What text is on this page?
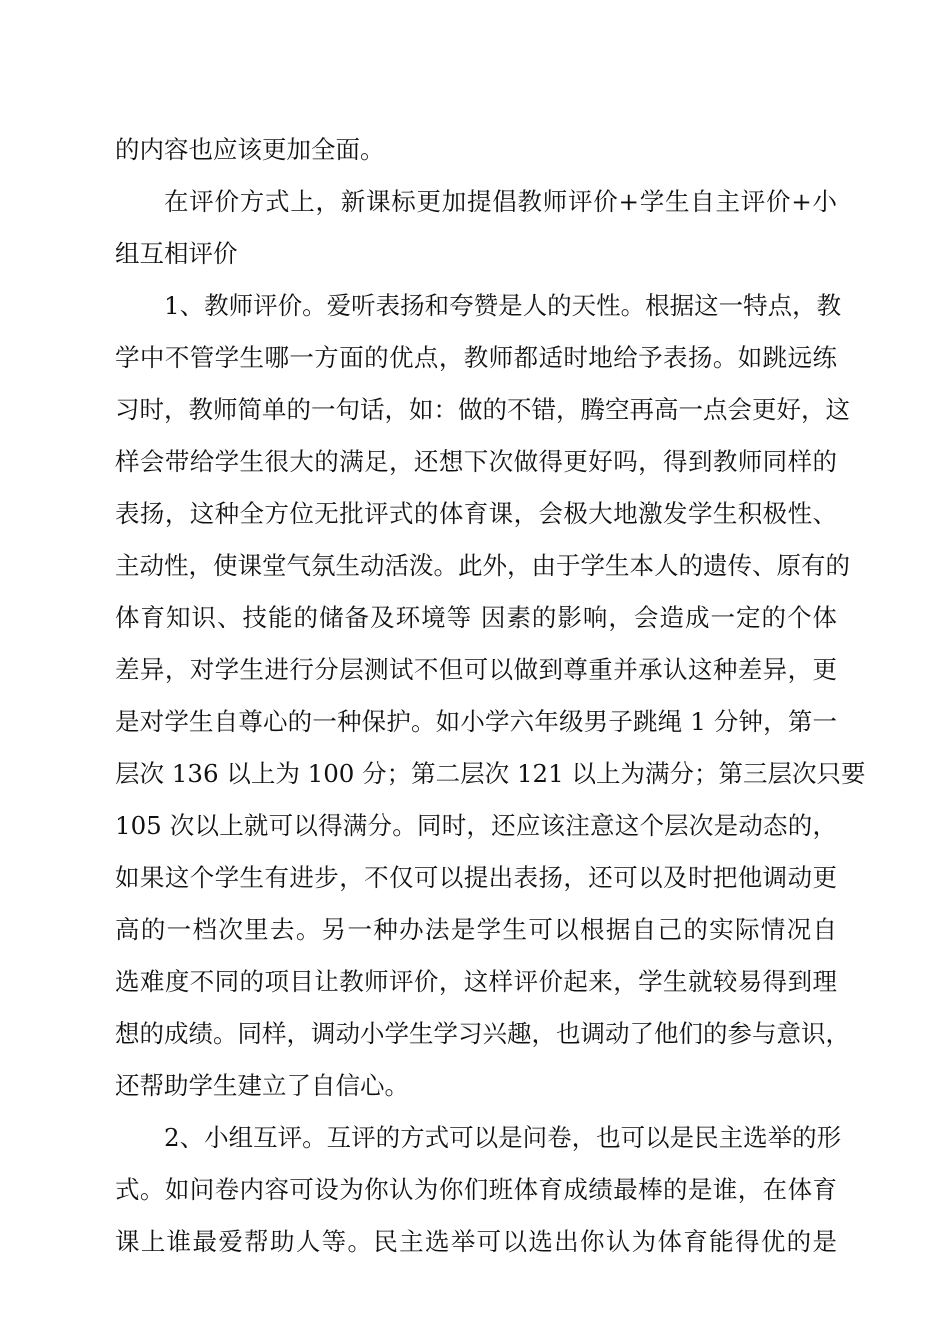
的内容也应该更加全面。
在评价方式上，新课标更加提倡教师评价+学生自主评价+小
组互相评价
1、教师评价。爱听表扬和夸赞是人的天性。根据这一特点，教
学中不管学生哪一方面的优点，教师都适时地给予表扬。如跳远练
习时，教师简单的一句话，如：做的不错，腾空再高一点会更好，这
样会带给学生很大的满足，还想下次做得更好吗，得到教师同样的
表扬，这种全方位无批评式的体育课，会极大地激发学生积极性、
主动性，使课堂气氛生动活泼。此外，由于学生本人的遗传、原有的
体育知识、技能的储备及环境等 因素的影响，会造成一定的个体
差异，对学生进行分层测试不但可以做到尊重并承认这种差异，更
是对学生自尊心的一种保护。如小学六年级男子跳绳 1 分钟，第一
层次 136 以上为 100 分；第二层次 121 以上为满分；第三层次只要
105 次以上就可以得满分。同时，还应该注意这个层次是动态的，
如果这个学生有进步，不仅可以提出表扬，还可以及时把他调动更
高的一档次里去。另一种办法是学生可以根据自己的实际情况自
选难度不同的项目让教师评价，这样评价起来，学生就较易得到理
想的成绩。同样，调动小学生学习兴趣，也调动了他们的参与意识，
还帮助学生建立了自信心。
2、小组互评。互评的方式可以是问卷，也可以是民主选举的形
式。如问卷内容可设为你认为你们班体育成绩最棒的是谁，在体育
课上谁最爱帮助人等。民主选举可以选出你认为体育能得优的是
